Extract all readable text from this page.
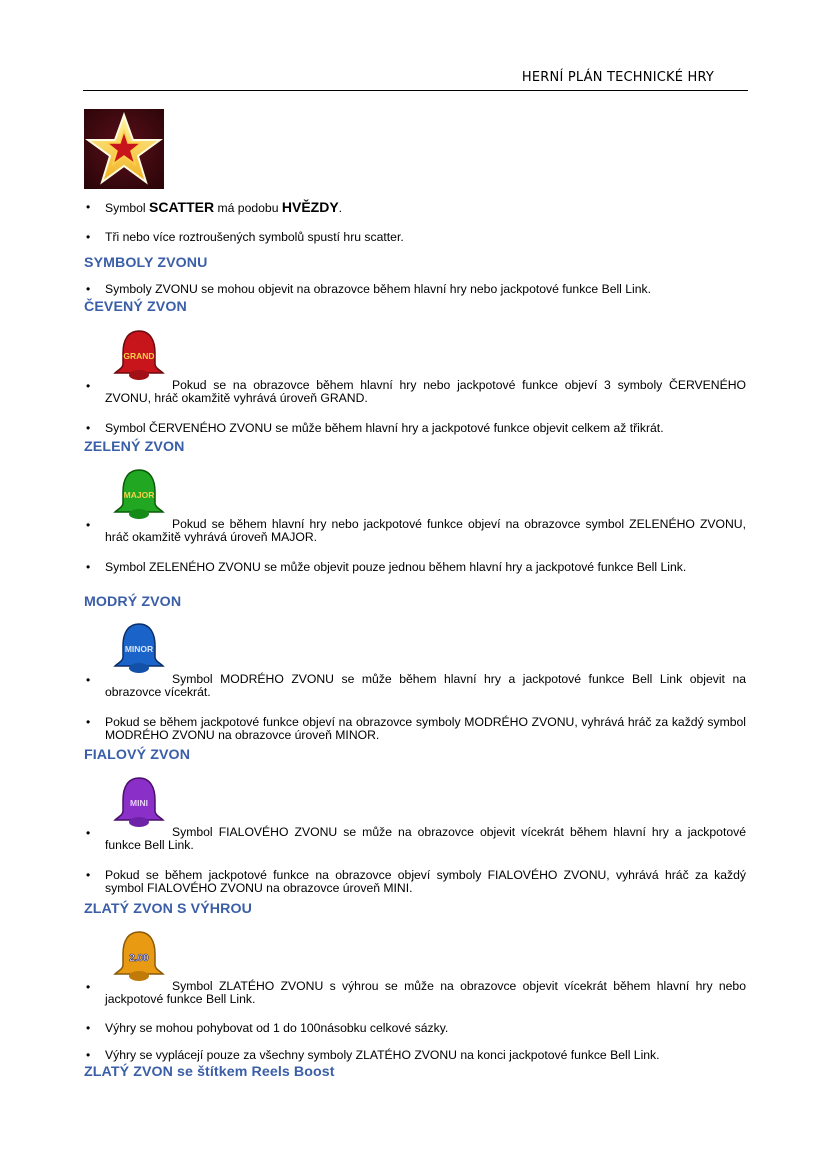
HERNÍ PLÁN TECHNICKÉ HRY
• Symbol SCATTER má podobu HVĚZDY.
• Tři nebo více roztroušených symbolů spustí hru scatter.
SYMBOLY ZVONU
• Symboly ZVONU se mohou objevit na obrazovce během hlavní hry nebo jackpotové funkce Bell Link.
ČEVENÝ ZVON
GRAND
•	Pokud se na obrazovce během hlavní hry nebo jackpotové funkce objeví 3 symboly ČERVENÉHO ZVONU, hráč okamžitě vyhrává úroveň GRAND.
• Symbol ČERVENÉHO ZVONU se může během hlavní hry a jackpotové funkce objevit celkem až třikrát.
ZELENÝ ZVON
MAJOR
•	Pokud se během hlavní hry nebo jackpotové funkce objeví na obrazovce symbol ZELENÉHO ZVONU, hráč okamžitě vyhrává úroveň MAJOR.
• Symbol ZELENÉHO ZVONU se může objevit pouze jednou během hlavní hry a jackpotové funkce Bell Link.
MODRÝ ZVON
MINOR
•	Symbol MODRÉHO ZVONU se může během hlavní hry a jackpotové funkce Bell Link objevit na obrazovce vícekrát.
• Pokud se během jackpotové funkce objeví na obrazovce symboly MODRÉHO ZVONU, vyhrává hráč za každý symbol MODRÉHO ZVONU na obrazovce úroveň MINOR.
FIALOVÝ ZVON
MINI
•	Symbol FIALOVÉHO ZVONU se může na obrazovce objevit vícekrát během hlavní hry a jackpotové funkce Bell Link.
• Pokud se během jackpotové funkce na obrazovce objeví symboly FIALOVÉHO ZVONU, vyhrává hráč za každý symbol FIALOVÉHO ZVONU na obrazovce úroveň MINI.
ZLATÝ ZVON S VÝHROU
2.00
•	Symbol ZLATÉHO ZVONU s výhrou se může na obrazovce objevit vícekrát během hlavní hry nebo jackpotové funkce Bell Link.
• Výhry se mohou pohybovat od 1 do 100násobku celkové sázky.
• Výhry se vyplácejí pouze za všechny symboly ZLATÉHO ZVONU na konci jackpotové funkce Bell Link.
ZLATÝ ZVON se štítkem Reels Boost
